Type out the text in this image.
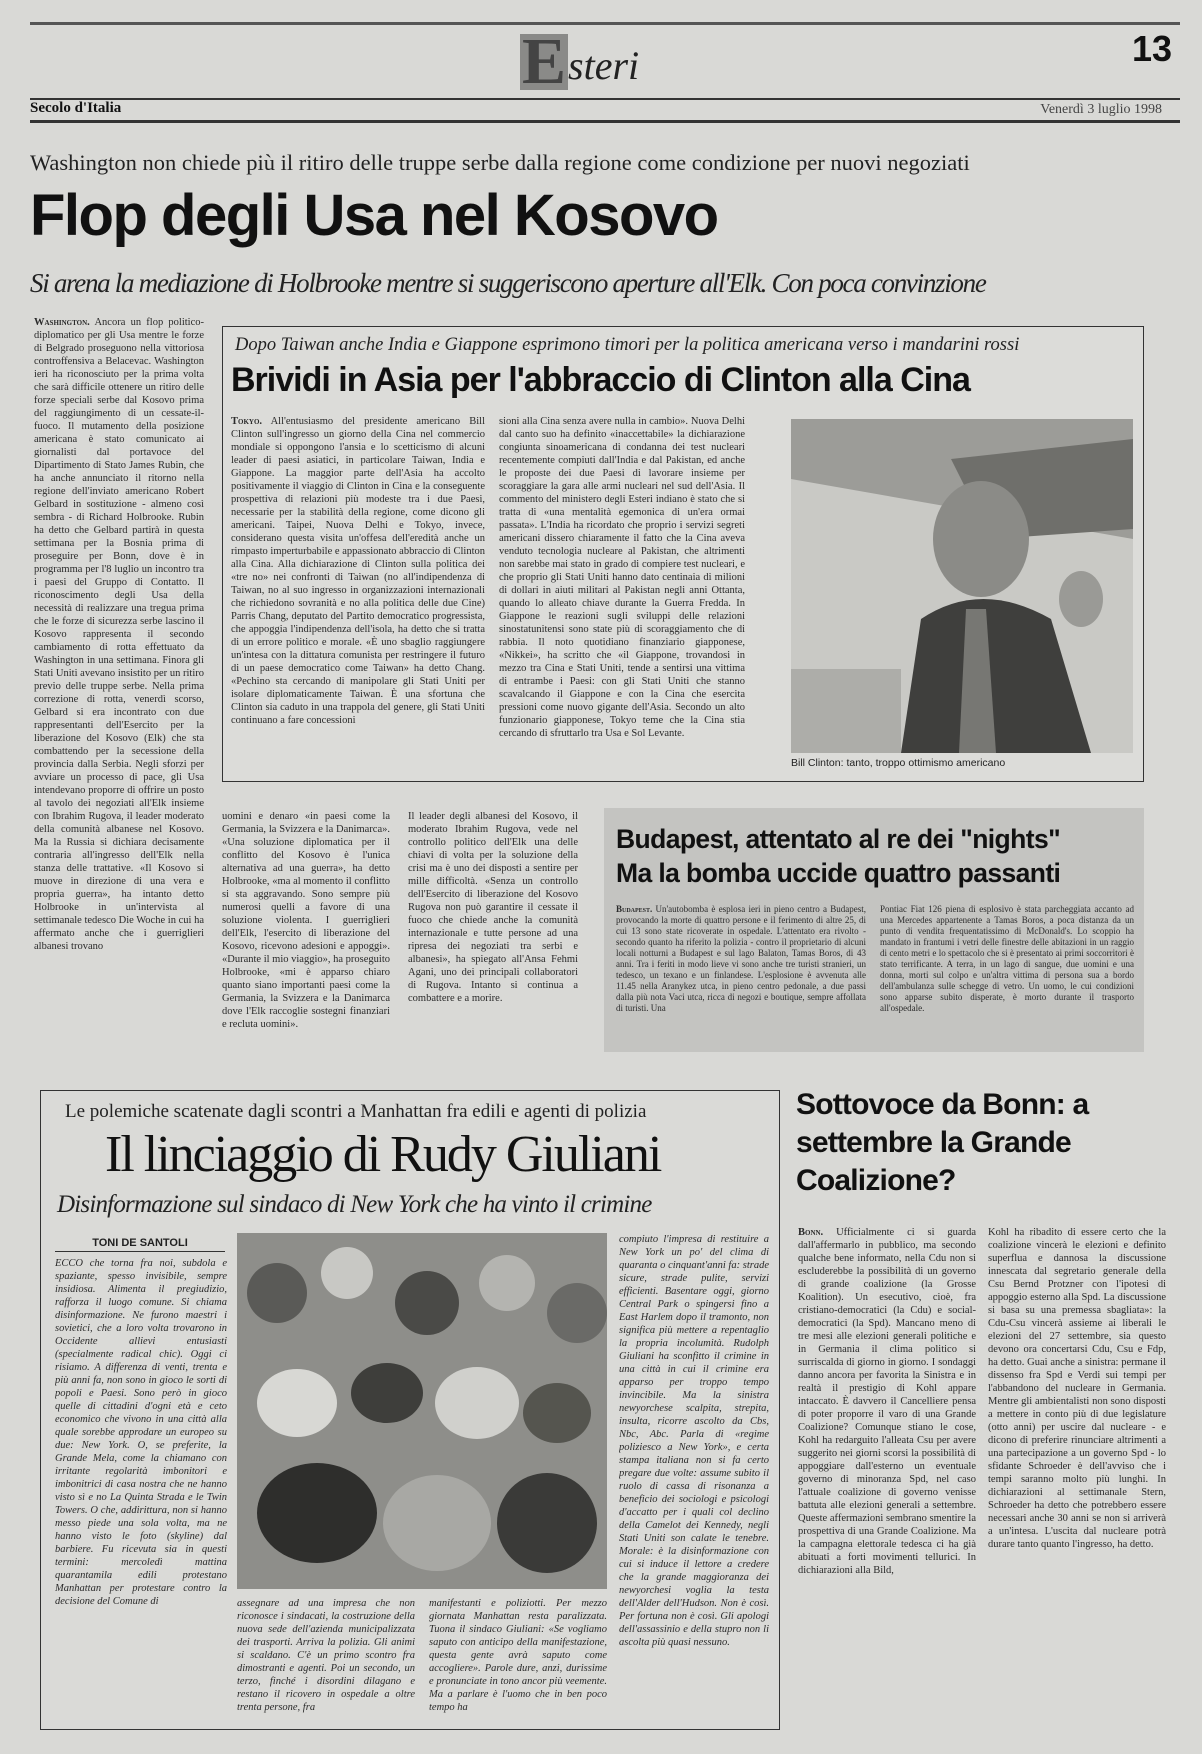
E steri	13
Secolo d'Italia	Venerdì 3 luglio 1998
Washington non chiede più il ritiro delle truppe serbe dalla regione come condizione per nuovi negoziati
Flop degli Usa nel Kosovo
Si arena la mediazione di Holbrooke mentre si suggeriscono aperture all'Elk. Con poca convinzione

Washington. Ancora un flop politico-diplomatico per gli Usa mentre le forze di Belgrado proseguono nella vittoriosa controffensiva a Belacevac. Washington ieri ha riconosciuto per la prima volta che sarà difficile ottenere un ritiro delle forze speciali serbe dal Kosovo prima del raggiungimento di un cessate-il-fuoco. Il mutamento della posizione americana è stato comunicato ai giornalisti dal portavoce del Dipartimento di Stato James Rubin, che ha anche annunciato il ritorno nella regione dell'inviato americano Robert Gelbard in sostituzione - almeno così sembra - di Richard Holbrooke. Rubin ha detto che Gelbard partirà in questa settimana per la Bosnia prima di proseguire per Bonn, dove è in programma per l'8 luglio un incontro tra i paesi del Gruppo di Contatto. Il riconoscimento degli Usa della necessità di realizzare una tregua prima che le forze di sicurezza serbe lascino il Kosovo rappresenta il secondo cambiamento di rotta effettuato da Washington in una settimana. Finora gli Stati Uniti avevano insistito per un ritiro previo delle truppe serbe. Nella prima correzione di rotta, venerdì scorso, Gelbard si era incontrato con due rappresentanti dell'Esercito per la liberazione del Kosovo (Elk) che sta combattendo per la secessione della provincia dalla Serbia. Negli sforzi per avviare un processo di pace, gli Usa intendevano proporre di offrire un posto al tavolo dei negoziati all'Elk insieme con Ibrahim Rugova, il leader moderato della comunità albanese nel Kosovo. Ma la Russia si dichiara decisamente contraria all'ingresso dell'Elk nella stanza delle trattative. «Il Kosovo si muove in direzione di una vera e propria guerra», ha intanto detto Holbrooke in un'intervista al settimanale tedesco Die Woche in cui ha affermato anche che i guerriglieri albanesi trovano

uomini e denaro «in paesi come la Germania, la Svizzera e la Danimarca». «Una soluzione diplomatica per il conflitto del Kosovo è l'unica alternativa ad una guerra», ha detto Holbrooke, «ma al momento il conflitto si sta aggravando. Sono sempre più numerosi quelli a favore di una soluzione violenta. I guerriglieri dell'Elk, l'esercito di liberazione del Kosovo, ricevono adesioni e appoggi». «Durante il mio viaggio», ha proseguito Holbrooke, «mi è apparso chiaro quanto siano importanti paesi come la Germania, la Svizzera e la Danimarca dove l'Elk raccoglie sostegni finanziari e recluta uomini».

Il leader degli albanesi del Kosovo, il moderato Ibrahim Rugova, vede nel controllo politico dell'Elk una delle chiavi di volta per la soluzione della crisi ma è uno dei disposti a sentire per mille difficoltà. «Senza un controllo dell'Esercito di liberazione del Kosovo Rugova non può garantire il cessate il fuoco che chiede anche la comunità internazionale e tutte persone ad una ripresa dei negoziati tra serbi e albanesi», ha spiegato all'Ansa Fehmi Agani, uno dei principali collaboratori di Rugova. Intanto si continua a combattere e a morire.

Dopo Taiwan anche India e Giappone esprimono timori per la politica americana verso i mandarini rossi
Brividi in Asia per l'abbraccio di Clinton alla Cina

Tokyo. All'entusiasmo del presidente americano Bill Clinton sull'ingresso un giorno della Cina nel commercio mondiale si oppongono l'ansia e lo scetticismo di alcuni leader di paesi asiatici, in particolare Taiwan, India e Giappone. La maggior parte dell'Asia ha accolto positivamente il viaggio di Clinton in Cina e la conseguente prospettiva di relazioni più modeste tra i due Paesi, necessarie per la stabilità della regione, come dicono gli americani. Taipei, Nuova Delhi e Tokyo, invece, considerano questa visita un'offesa dell'eredità anche un rimpasto imperturbabile e appassionato abbraccio di Clinton alla Cina. Alla dichiarazione di Clinton sulla politica dei «tre no» nei confronti di Taiwan (no all'indipendenza di Taiwan, no al suo ingresso in organizzazioni internazionali che richiedono sovranità e no alla politica delle due Cine) Parris Chang, deputato del Partito democratico progressista, che appoggia l'indipendenza dell'isola, ha detto che si tratta di un errore politico e morale. «È uno sbaglio raggiungere un'intesa con la dittatura comunista per restringere il futuro di un paese democratico come Taiwan» ha detto Chang. «Pechino sta cercando di manipolare gli Stati Uniti per isolare diplomaticamente Taiwan. È una sfortuna che Clinton sia caduto in una trappola del genere, gli Stati Uniti continuano a fare concessioni

sioni alla Cina senza avere nulla in cambio». Nuova Delhi dal canto suo ha definito «inaccettabile» la dichiarazione congiunta sinoamericana di condanna dei test nucleari recentemente compiuti dall'India e dal Pakistan, ed anche le proposte dei due Paesi di lavorare insieme per scoraggiare la gara alle armi nucleari nel sud dell'Asia. Il commento del ministero degli Esteri indiano è stato che si tratta di «una mentalità egemonica di un'era ormai passata». L'India ha ricordato che proprio i servizi segreti americani dissero chiaramente il fatto che la Cina aveva venduto tecnologia nucleare al Pakistan, che altrimenti non sarebbe mai stato in grado di compiere test nucleari, e che proprio gli Stati Uniti hanno dato centinaia di milioni di dollari in aiuti militari al Pakistan negli anni Ottanta, quando lo alleato chiave durante la Guerra Fredda. In Giappone le reazioni sugli sviluppi delle relazioni sinostatunitensi sono state più di scoraggiamento che di rabbia. Il noto quotidiano finanziario giapponese, «Nikkei», ha scritto che «il Giappone, trovandosi in mezzo tra Cina e Stati Uniti, tende a sentirsi una vittima di entrambe i Paesi: con gli Stati Uniti che stanno scavalcando il Giappone e con la Cina che esercita pressioni come nuovo gigante dell'Asia. Secondo un alto funzionario giapponese, Tokyo teme che la Cina stia cercando di sfruttarlo tra Usa e Sol Levante.

Bill Clinton: tanto, troppo ottimismo americano
Budapest, attentato al re dei "nights"
Ma la bomba uccide quattro passanti

Budapest. Un'autobomba è esplosa ieri in pieno centro a Budapest, provocando la morte di quattro persone e il ferimento di altre 25, di cui 13 sono state ricoverate in ospedale. L'attentato era rivolto - secondo quanto ha riferito la polizia - contro il proprietario di alcuni locali notturni a Budapest e sul lago Balaton, Tamas Boros, di 43 anni. Tra i feriti in modo lieve vi sono anche tre turisti stranieri, un tedesco, un texano e un finlandese. L'esplosione è avvenuta alle 11.45 nella Aranykez utca, in pieno centro pedonale, a due passi dalla più nota Vaci utca, ricca di negozi e boutique, sempre affollata di turisti. Una

Pontiac Fiat 126 piena di esplosivo è stata parcheggiata accanto ad una Mercedes appartenente a Tamas Boros, a poca distanza da un punto di vendita frequentatissimo di McDonald's. Lo scoppio ha mandato in frantumi i vetri delle finestre delle abitazioni in un raggio di cento metri e lo spettacolo che si è presentato ai primi soccorritori è stato terrificante. A terra, in un lago di sangue, due uomini e una donna, morti sul colpo e un'altra vittima di persona sua a bordo dell'ambulanza sulle schegge di vetro. Un uomo, le cui condizioni sono apparse subito disperate, è morto durante il trasporto all'ospedale.

Le polemiche scatenate dagli scontri a Manhattan fra edili e agenti di polizia
Il linciaggio di Rudy Giuliani
Disinformazione sul sindaco di New York che ha vinto il crimine
TONI DE SANTOLI

ECCO che torna fra noi, subdola e spaziante, spesso invisibile, sempre insidiosa. Alimenta il pregiudizio, rafforza il luogo comune. Si chiama disinformazione. Ne furono maestri i sovietici, che a loro volta trovarono in Occidente allievi entusiasti (specialmente radical chic). Oggi ci risiamo. A differenza di venti, trenta e più anni fa, non sono in gioco le sorti di popoli e Paesi. Sono però in gioco quelle di cittadini d'ogni età e ceto economico che vivono in una città alla quale sorebbe approdare un europeo su due: New York. O, se preferite, la Grande Mela, come la chiamano con irritante regolarità imbonitori e imbonitrici di casa nostra che ne hanno visto sì e no La Quinta Strada e le Twin Towers. O che, addirittura, non si hanno messo piede una sola volta, ma ne hanno visto le foto (skyline) dal barbiere. Fu ricevuta sia in questi termini: mercoledì mattina quarantamila edili protestano Manhattan per protestare contro la decisione del Comune di	assegnare ad una impresa che non riconosce i sindacati, la costruzione della nuova sede dell'azienda municipalizzata dei trasporti. Arriva la polizia. Gli animi si scaldano. C'è un primo scontro fra dimostranti e agenti. Poi un secondo, un terzo, finché i disordini dilagano e restano il ricovero in ospedale a oltre trenta persone, fra

manifestanti e poliziotti. Per mezzo giornata Manhattan resta paralizzata. Tuona il sindaco Giuliani: «Se vogliamo saputo con anticipo della manifestazione, questa gente avrà saputo come accogliere». Parole dure, anzi, durissime e pronunciate in tono ancor più veemente. Ma a parlare è l'uomo che in ben poco tempo ha

compiuto l'impresa di restituire a New York un po' del clima di quaranta o cinquant'anni fa: strade sicure, strade pulite, servizi efficienti. Basentare oggi, giorno Central Park o spingersi fino a East Harlem dopo il tramonto, non significa più mettere a repentaglio la propria incolumità. Rudolph Giuliani ha sconfitto il crimine in una città in cui il crimine era apparso per troppo tempo invincibile. Ma la sinistra newyorchese scalpita, strepita, insulta, ricorre ascolto da Cbs, Nbc, Abc. Parla di «regime poliziesco a New York», e certa stampa italiana non si fa certo pregare due volte: assume subito il ruolo di cassa di risonanza a beneficio dei sociologi e psicologi d'accatto per i quali col declino della Camelot dei Kennedy, negli Stati Uniti son calate le tenebre. Morale: è la disinformazione con cui si induce il lettore a credere che la grande maggioranza dei newyorchesi voglia la testa dell'Alder dell'Hudson. Non è così. Per fortuna non è così. Gli apologi dell'assassinio e della stupro non li ascolta più quasi nessuno.

Sottovoce da Bonn: a settembre la Grande Coalizione?

Bonn. Ufficialmente ci si guarda dall'affermarlo in pubblico, ma secondo qualche bene informato, nella Cdu non si escluderebbe la possibilità di un governo di grande coalizione (la Grosse Koalition). Un esecutivo, cioè, fra cristiano-democratici (la Cdu) e social-democratici (la Spd). Mancano meno di tre mesi alle elezioni generali politiche e in Germania il clima politico si surriscalda di giorno in giorno. I sondaggi danno ancora per favorita la Sinistra e in realtà il prestigio di Kohl appare intaccato. È davvero il Cancelliere pensa di poter proporre il varo di una Grande Coalizione? Comunque stiano le cose, Kohl ha redarguito l'alleata Csu per avere suggerito nei giorni scorsi la possibilità di appoggiare dall'esterno un eventuale governo di minoranza Spd, nel caso l'attuale coalizione di governo venisse battuta alle elezioni generali a settembre. Queste affermazioni sembrano smentire la prospettiva di una Grande Coalizione. Ma la campagna elettorale tedesca ci ha già abituati a forti movimenti tellurici. In dichiarazioni alla Bild,

Kohl ha ribadito di essere certo che la coalizione vincerà le elezioni e definito superflua e dannosa la discussione innescata dal segretario generale della Csu Bernd Protzner con l'ipotesi di appoggio esterno alla Spd. La discussione si basa su una premessa sbagliata»: la Cdu-Csu vincerà assieme ai liberali le elezioni del 27 settembre, sia questo devono ora concertarsi Cdu, Csu e Fdp, ha detto. Guai anche a sinistra: permane il dissenso fra Spd e Verdi sui tempi per l'abbandono del nucleare in Germania. Mentre gli ambientalisti non sono disposti a mettere in conto più di due legislature (otto anni) per uscire dal nucleare - e dicono di preferire rinunciare altrimenti a una partecipazione a un governo Spd - lo sfidante Schroeder è dell'avviso che i tempi saranno molto più lunghi. In dichiarazioni al settimanale Stern, Schroeder ha detto che potrebbero essere necessari anche 30 anni se non si arriverà a un'intesa. L'uscita dal nucleare potrà durare tanto quanto l'ingresso, ha detto.
